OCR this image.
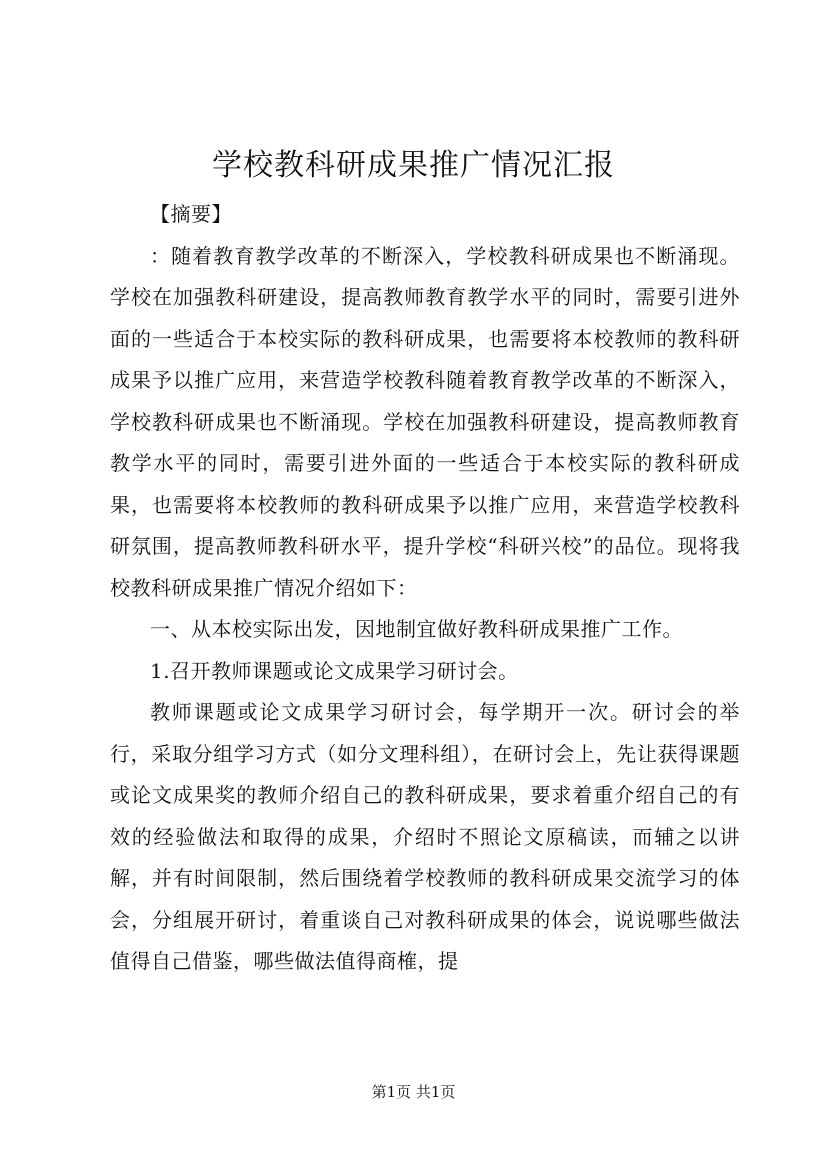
学校教科研成果推广情况汇报

【摘要】

：随着教育教学改革的不断深入，学校教科研成果也不断涌现。学校在加强教科研建设，提高教师教育教学水平的同时，需要引进外面的一些适合于本校实际的教科研成果，也需要将本校教师的教科研成果予以推广应用，来营造学校教科随着教育教学改革的不断深入，学校教科研成果也不断涌现。学校在加强教科研建设，提高教师教育教学水平的同时，需要引进外面的一些适合于本校实际的教科研成果，也需要将本校教师的教科研成果予以推广应用，来营造学校教科研氛围，提高教师教科研水平，提升学校“科研兴校”的品位。现将我校教科研成果推广情况介绍如下：

一、从本校实际出发，因地制宜做好教科研成果推广工作。

1.召开教师课题或论文成果学习研讨会。

教师课题或论文成果学习研讨会，每学期开一次。研讨会的举行，采取分组学习方式（如分文理科组），在研讨会上，先让获得课题或论文成果奖的教师介绍自己的教科研成果，要求着重介绍自己的有效的经验做法和取得的成果，介绍时不照论文原稿读，而辅之以讲解，并有时间限制，然后围绕着学校教师的教科研成果交流学习的体会，分组展开研讨，着重谈自己对教科研成果的体会，说说哪些做法值得自己借鉴，哪些做法值得商榷，提

第1页 共1页
